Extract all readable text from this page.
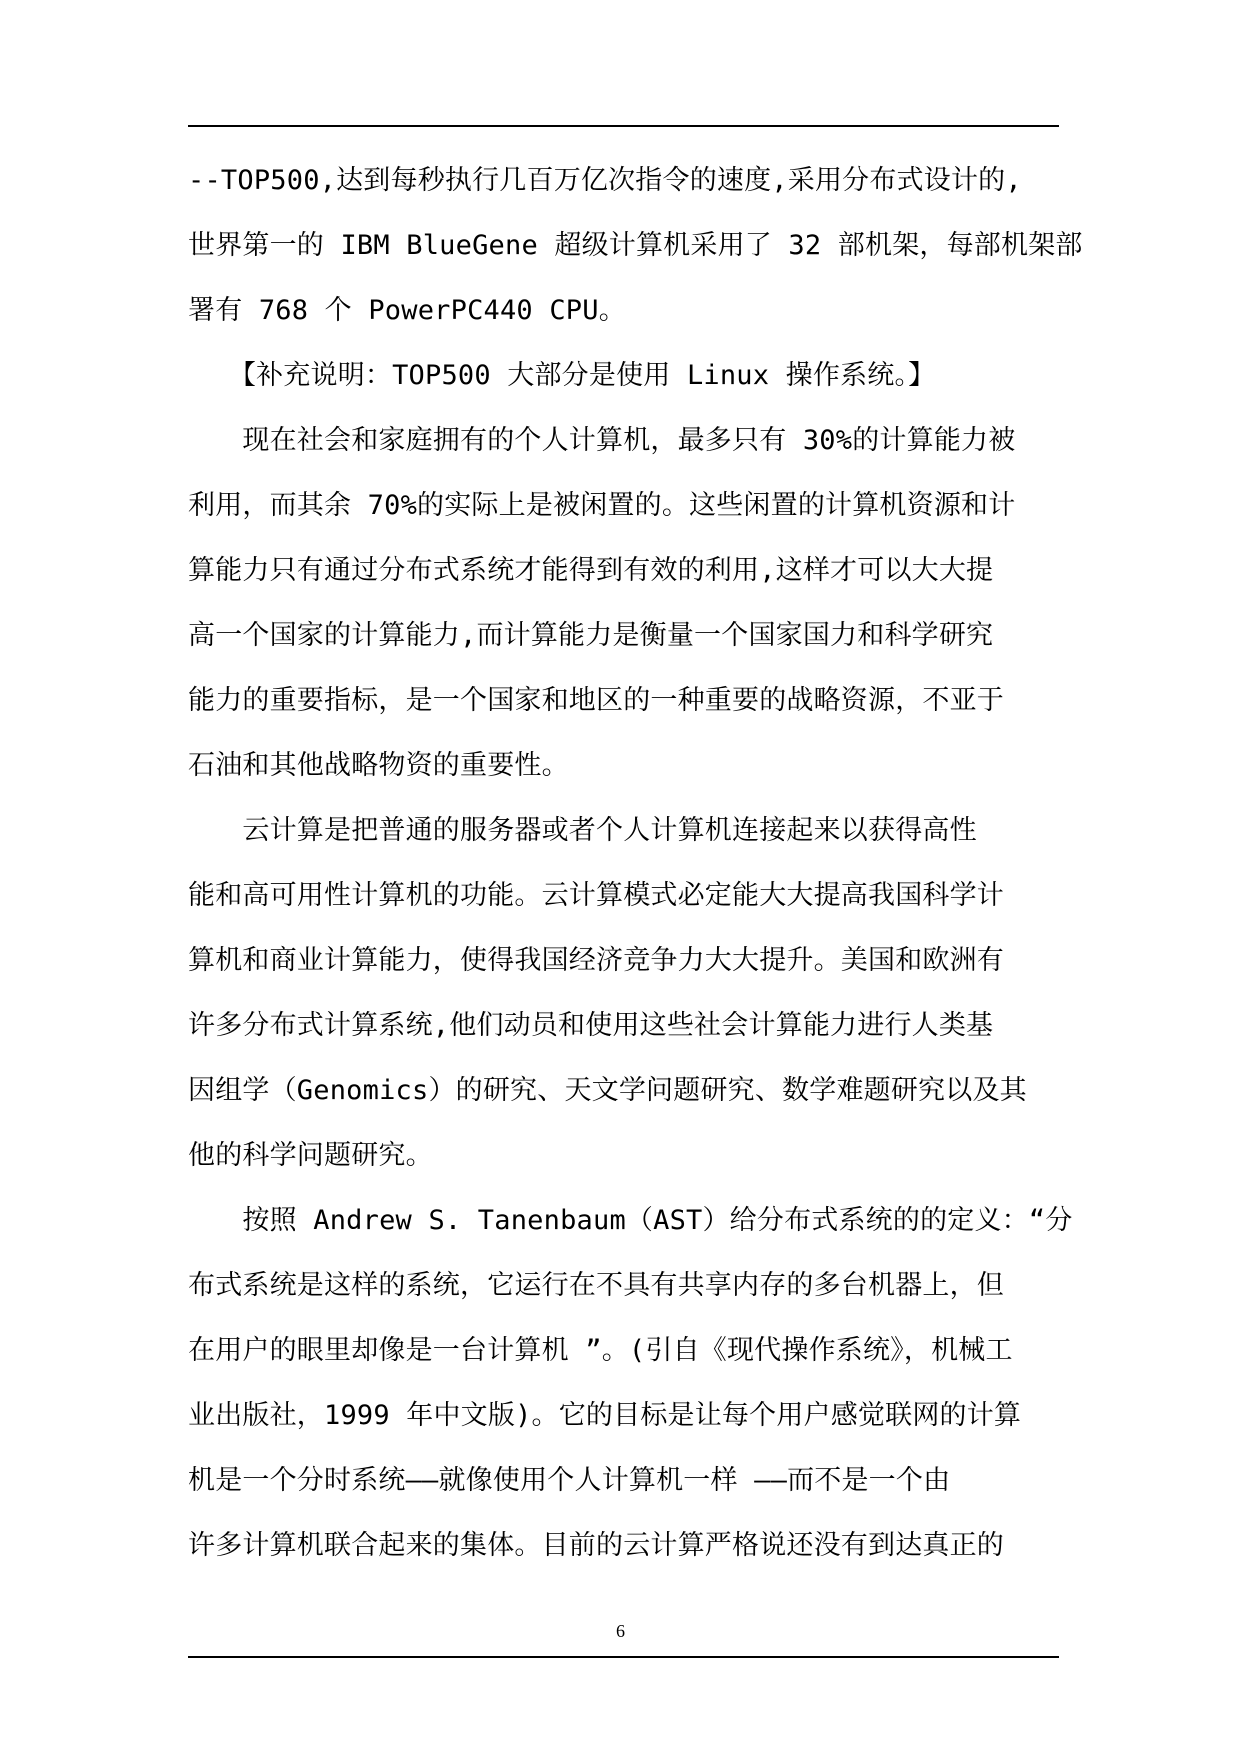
--TOP500,达到每秒执行几百万亿次指令的速度,采用分布式设计的,
世界第一的 IBM BlueGene 超级计算机采用了 32 部机架，每部机架部
署有 768 个 PowerPC440 CPU。
　　【补充说明：TOP500 大部分是使用 Linux 操作系统。】
　　现在社会和家庭拥有的个人计算机，最多只有 30%的计算能力被
利用，而其余 70%的实际上是被闲置的。这些闲置的计算机资源和计
算能力只有通过分布式系统才能得到有效的利用,这样才可以大大提
高一个国家的计算能力,而计算能力是衡量一个国家国力和科学研究
能力的重要指标，是一个国家和地区的一种重要的战略资源，不亚于
石油和其他战略物资的重要性。
　　云计算是把普通的服务器或者个人计算机连接起来以获得高性
能和高可用性计算机的功能。云计算模式必定能大大提高我国科学计
算机和商业计算能力，使得我国经济竞争力大大提升。美国和欧洲有
许多分布式计算系统,他们动员和使用这些社会计算能力进行人类基
因组学（Genomics）的研究、天文学问题研究、数学难题研究以及其
他的科学问题研究。
　　按照 Andrew S. Tanenbaum（AST）给分布式系统的的定义：“分
布式系统是这样的系统，它运行在不具有共享内存的多台机器上，但
在用户的眼里却像是一台计算机 ”。(引自《现代操作系统》，机械工
业出版社，1999 年中文版)。它的目标是让每个用户感觉联网的计算
机是一个分时系统——就像使用个人计算机一样 ——而不是一个由
许多计算机联合起来的集体。目前的云计算严格说还没有到达真正的
6
